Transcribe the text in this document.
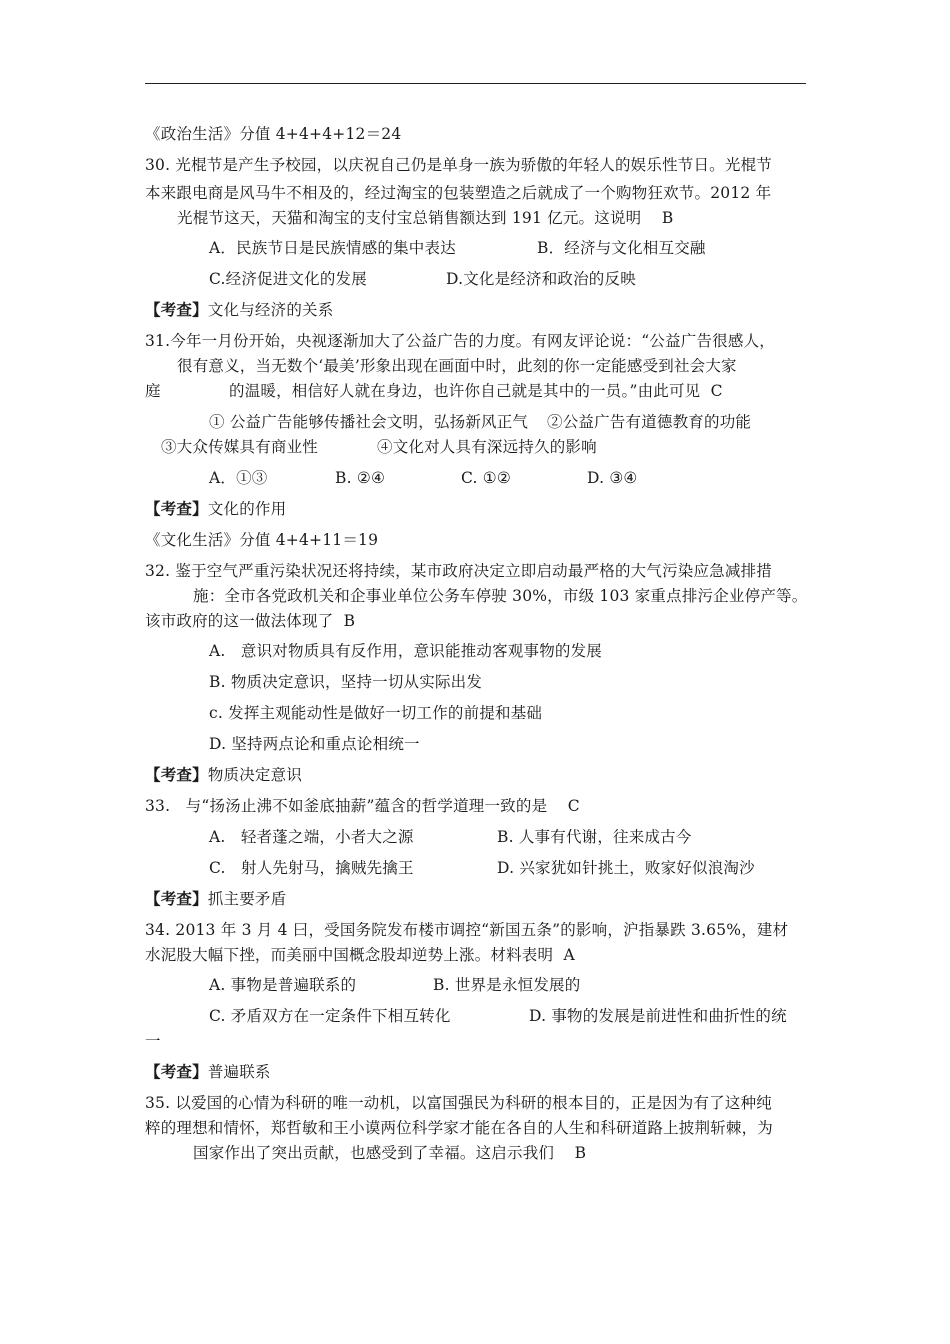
《政治生活》分值 4+4+4+12＝24
30. 光棍节是产生予校园，以庆祝自己仍是单身一族为骄傲的年轻人的娱乐性节日。光棍节
本来跟电商是风马牛不相及的，经过淘宝的包装塑造之后就成了一个购物狂欢节。2012 年
光棍节这天，天猫和淘宝的支付宝总销售额达到 191 亿元。这说明    B
A．民族节日是民族情感的集中表达	B．经济与文化相互交融
C.经济促进文化的发展	D.文化是经济和政治的反映
【考查】文化与经济的关系
31.今年一月份开始，央视逐渐加大了公益广告的力度。有网友评论说：“公益广告很感人，
很有意义，当无数个‘最美’形象出现在画面中时，此刻的你一定能感受到社会大家
庭	的温暖，相信好人就在身边，也许你自己就是其中的一员。”由此可见  C
① 公益广告能够传播社会文明，弘扬新风正气 ②公益广告有道德教育的功能
③大众传媒具有商业性	④文化对人具有深远持久的影响
A．①③	B. ②④	C. ①②	D. ③④
【考查】文化的作用
《文化生活》分值 4+4+11＝19
32. 鉴于空气严重污染状况还将持续，某市政府决定立即启动最严格的大气污染应急减排措
施：全市各党政机关和企事业单位公务车停驶 30%，市级 103 家重点排污企业停产等。
该市政府的这一做法体现了  B
A.   意识对物质具有反作用，意识能推动客观事物的发展
B. 物质决定意识，坚持一切从实际出发
c. 发挥主观能动性是做好一切工作的前提和基础
D. 坚持两点论和重点论相统一
【考查】物质决定意识
33.   与“扬汤止沸不如釜底抽薪”蕴含的哲学道理一致的是    C
A.   轻者蓬之端，小者大之源	B. 人事有代谢，往来成古今
C.   射人先射马，擒贼先擒王	D. 兴家犹如针挑土，败家好似浪淘沙
【考查】抓主要矛盾
34. 2013 年 3 月 4 曰，受国务院发布楼市调控“新国五条”的影响，沪指暴跌 3.65%，建材
水泥股大幅下挫，而美丽中国概念股却逆势上涨。材料表明  A
A. 事物是普遍联系的	B. 世界是永恒发展的
C. 矛盾双方在一定条件下相互转化	D. 事物的发展是前进性和曲折性的统
一
【考查】普遍联系
35. 以爱国的心情为科研的唯一动机，以富国强民为科研的根本目的，正是因为有了这种纯
粹的理想和情怀，郑哲敏和王小谟两位科学家才能在各自的人生和科研道路上披荆斩棘，为
国家作出了突出贡献，也感受到了幸福。这启示我们    B
